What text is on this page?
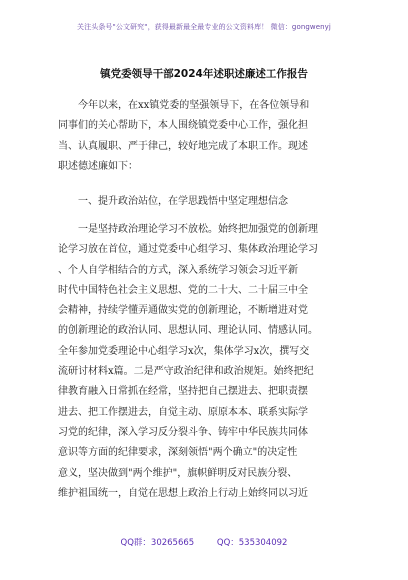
关注头条号"公文研究"，获得最新最全最专业的公文资料库！ 微信：gongwenyj
镇党委领导干部2024年述职述廉述工作报告
今年以来，在xx镇党委的坚强领导下，在各位领导和
同事们的关心帮助下，本人围绕镇党委中心工作，强化担
当、认真履职、严于律己，较好地完成了本职工作。现述
职述德述廉如下：
一、提升政治站位，在学思践悟中坚定理想信念
一是坚持政治理论学习不放松。始终把加强党的创新理
论学习放在首位，通过党委中心组学习、集体政治理论学习
、个人自学相结合的方式，深入系统学习领会习近平新
时代中国特色社会主义思想、党的二十大、二十届三中全
会精神，持续学懂弄通做实党的创新理论，不断增进对党
的创新理论的政治认同、思想认同、理论认同、情感认同。
全年参加党委理论中心组学习x次，集体学习x次，撰写交
流研讨材料x篇。二是严守政治纪律和政治规矩。始终把纪
律教育融入日常抓在经常，坚持把自己摆进去、把职责摆
进去、把工作摆进去，自觉主动、原原本本、联系实际学
习党的纪律，深入学习反分裂斗争、铸牢中华民族共同体
意识等方面的纪律要求，深刻领悟"两个确立"的决定性
意义，坚决做到"两个维护"，旗帜鲜明反对民族分裂、
维护祖国统一，自觉在思想上政治上行动上始终同以习近
QQ群：30265665	QQ：535304092
